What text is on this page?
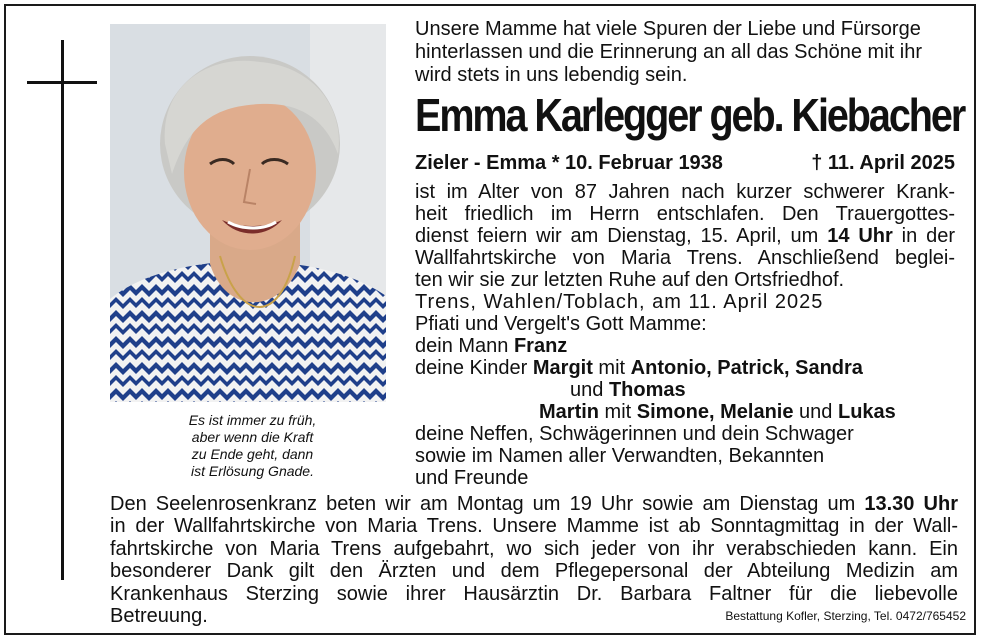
Es ist immer zu früh,
aber wenn die Kraft
zu Ende geht, dann
ist Erlösung Gnade.
Unsere Mamme hat viele Spuren der Liebe und Fürsorge
hinterlassen und die Erinnerung an all das Schöne mit ihr
wird stets in uns lebendig sein.
Emma Karlegger geb. Kiebacher
Zieler - Emma * 10. Februar 1938	† 11. April 2025
ist im Alter von 87 Jahren nach kurzer schwerer Krank-
heit friedlich im Herrn entschlafen. Den Trauergottes-
dienst feiern wir am Dienstag, 15. April, um 14 Uhr in der
Wallfahrtskirche von Maria Trens. Anschließend beglei-
ten wir sie zur letzten Ruhe auf den Ortsfriedhof.
Trens, Wahlen/Toblach, am 11. April 2025
Pfiati und Vergelt's Gott Mamme:
dein Mann Franz
deine Kinder Margit mit Antonio, Patrick, Sandra
und Thomas
Martin mit Simone, Melanie und Lukas
deine Neffen, Schwägerinnen und dein Schwager
sowie im Namen aller Verwandten, Bekannten
und Freunde
Den Seelenrosenkranz beten wir am Montag um 19 Uhr sowie am Dienstag um 13.30 Uhr
in der Wallfahrtskirche von Maria Trens. Unsere Mamme ist ab Sonntagmittag in der Wall-
fahrtskirche von Maria Trens aufgebahrt, wo sich jeder von ihr verabschieden kann. Ein
besonderer Dank gilt den Ärzten und dem Pflegepersonal der Abteilung Medizin am
Krankenhaus Sterzing sowie ihrer Hausärztin Dr. Barbara Faltner für die liebevolle
Betreuung.	Bestattung Kofler, Sterzing, Tel. 0472/765452
